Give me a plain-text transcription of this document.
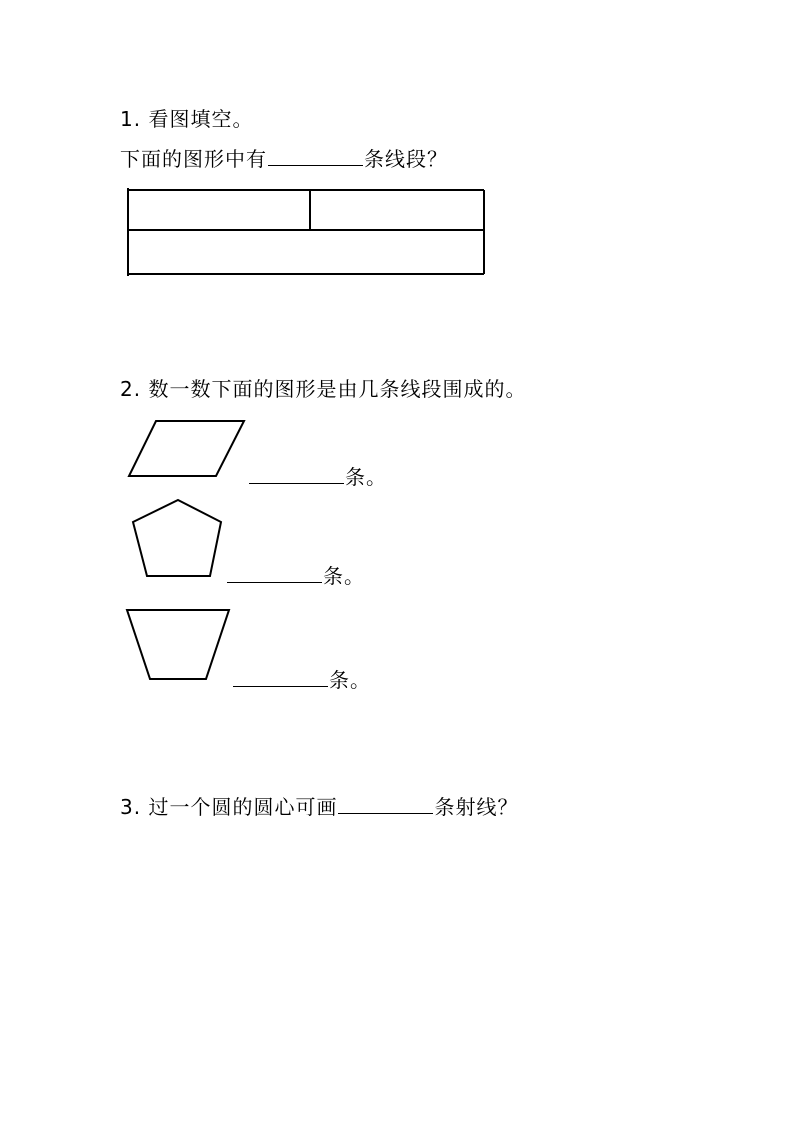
1. 看图填空。
下面的图形中有	条线段？
2. 数一数下面的图形是由几条线段围成的。
条。
条。
条。
3. 过一个圆的圆心可画	条射线？
